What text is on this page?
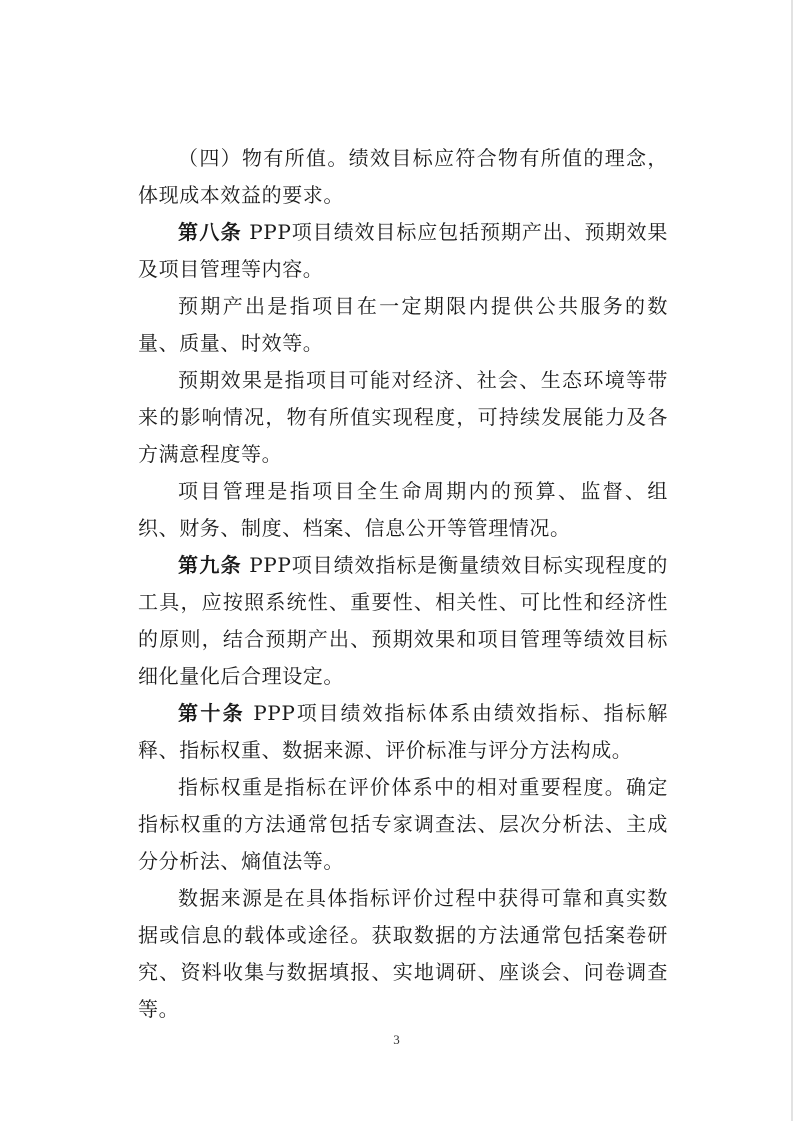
（四）物有所值。绩效目标应符合物有所值的理念，体现成本效益的要求。

第八条 PPP项目绩效目标应包括预期产出、预期效果及项目管理等内容。

预期产出是指项目在一定期限内提供公共服务的数量、质量、时效等。

预期效果是指项目可能对经济、社会、生态环境等带来的影响情况，物有所值实现程度，可持续发展能力及各方满意程度等。

项目管理是指项目全生命周期内的预算、监督、组织、财务、制度、档案、信息公开等管理情况。

第九条 PPP项目绩效指标是衡量绩效目标实现程度的工具，应按照系统性、重要性、相关性、可比性和经济性的原则，结合预期产出、预期效果和项目管理等绩效目标细化量化后合理设定。

第十条 PPP项目绩效指标体系由绩效指标、指标解释、指标权重、数据来源、评价标准与评分方法构成。

指标权重是指标在评价体系中的相对重要程度。确定指标权重的方法通常包括专家调查法、层次分析法、主成分分析法、熵值法等。

数据来源是在具体指标评价过程中获得可靠和真实数据或信息的载体或途径。获取数据的方法通常包括案卷研究、资料收集与数据填报、实地调研、座谈会、问卷调查等。

3
